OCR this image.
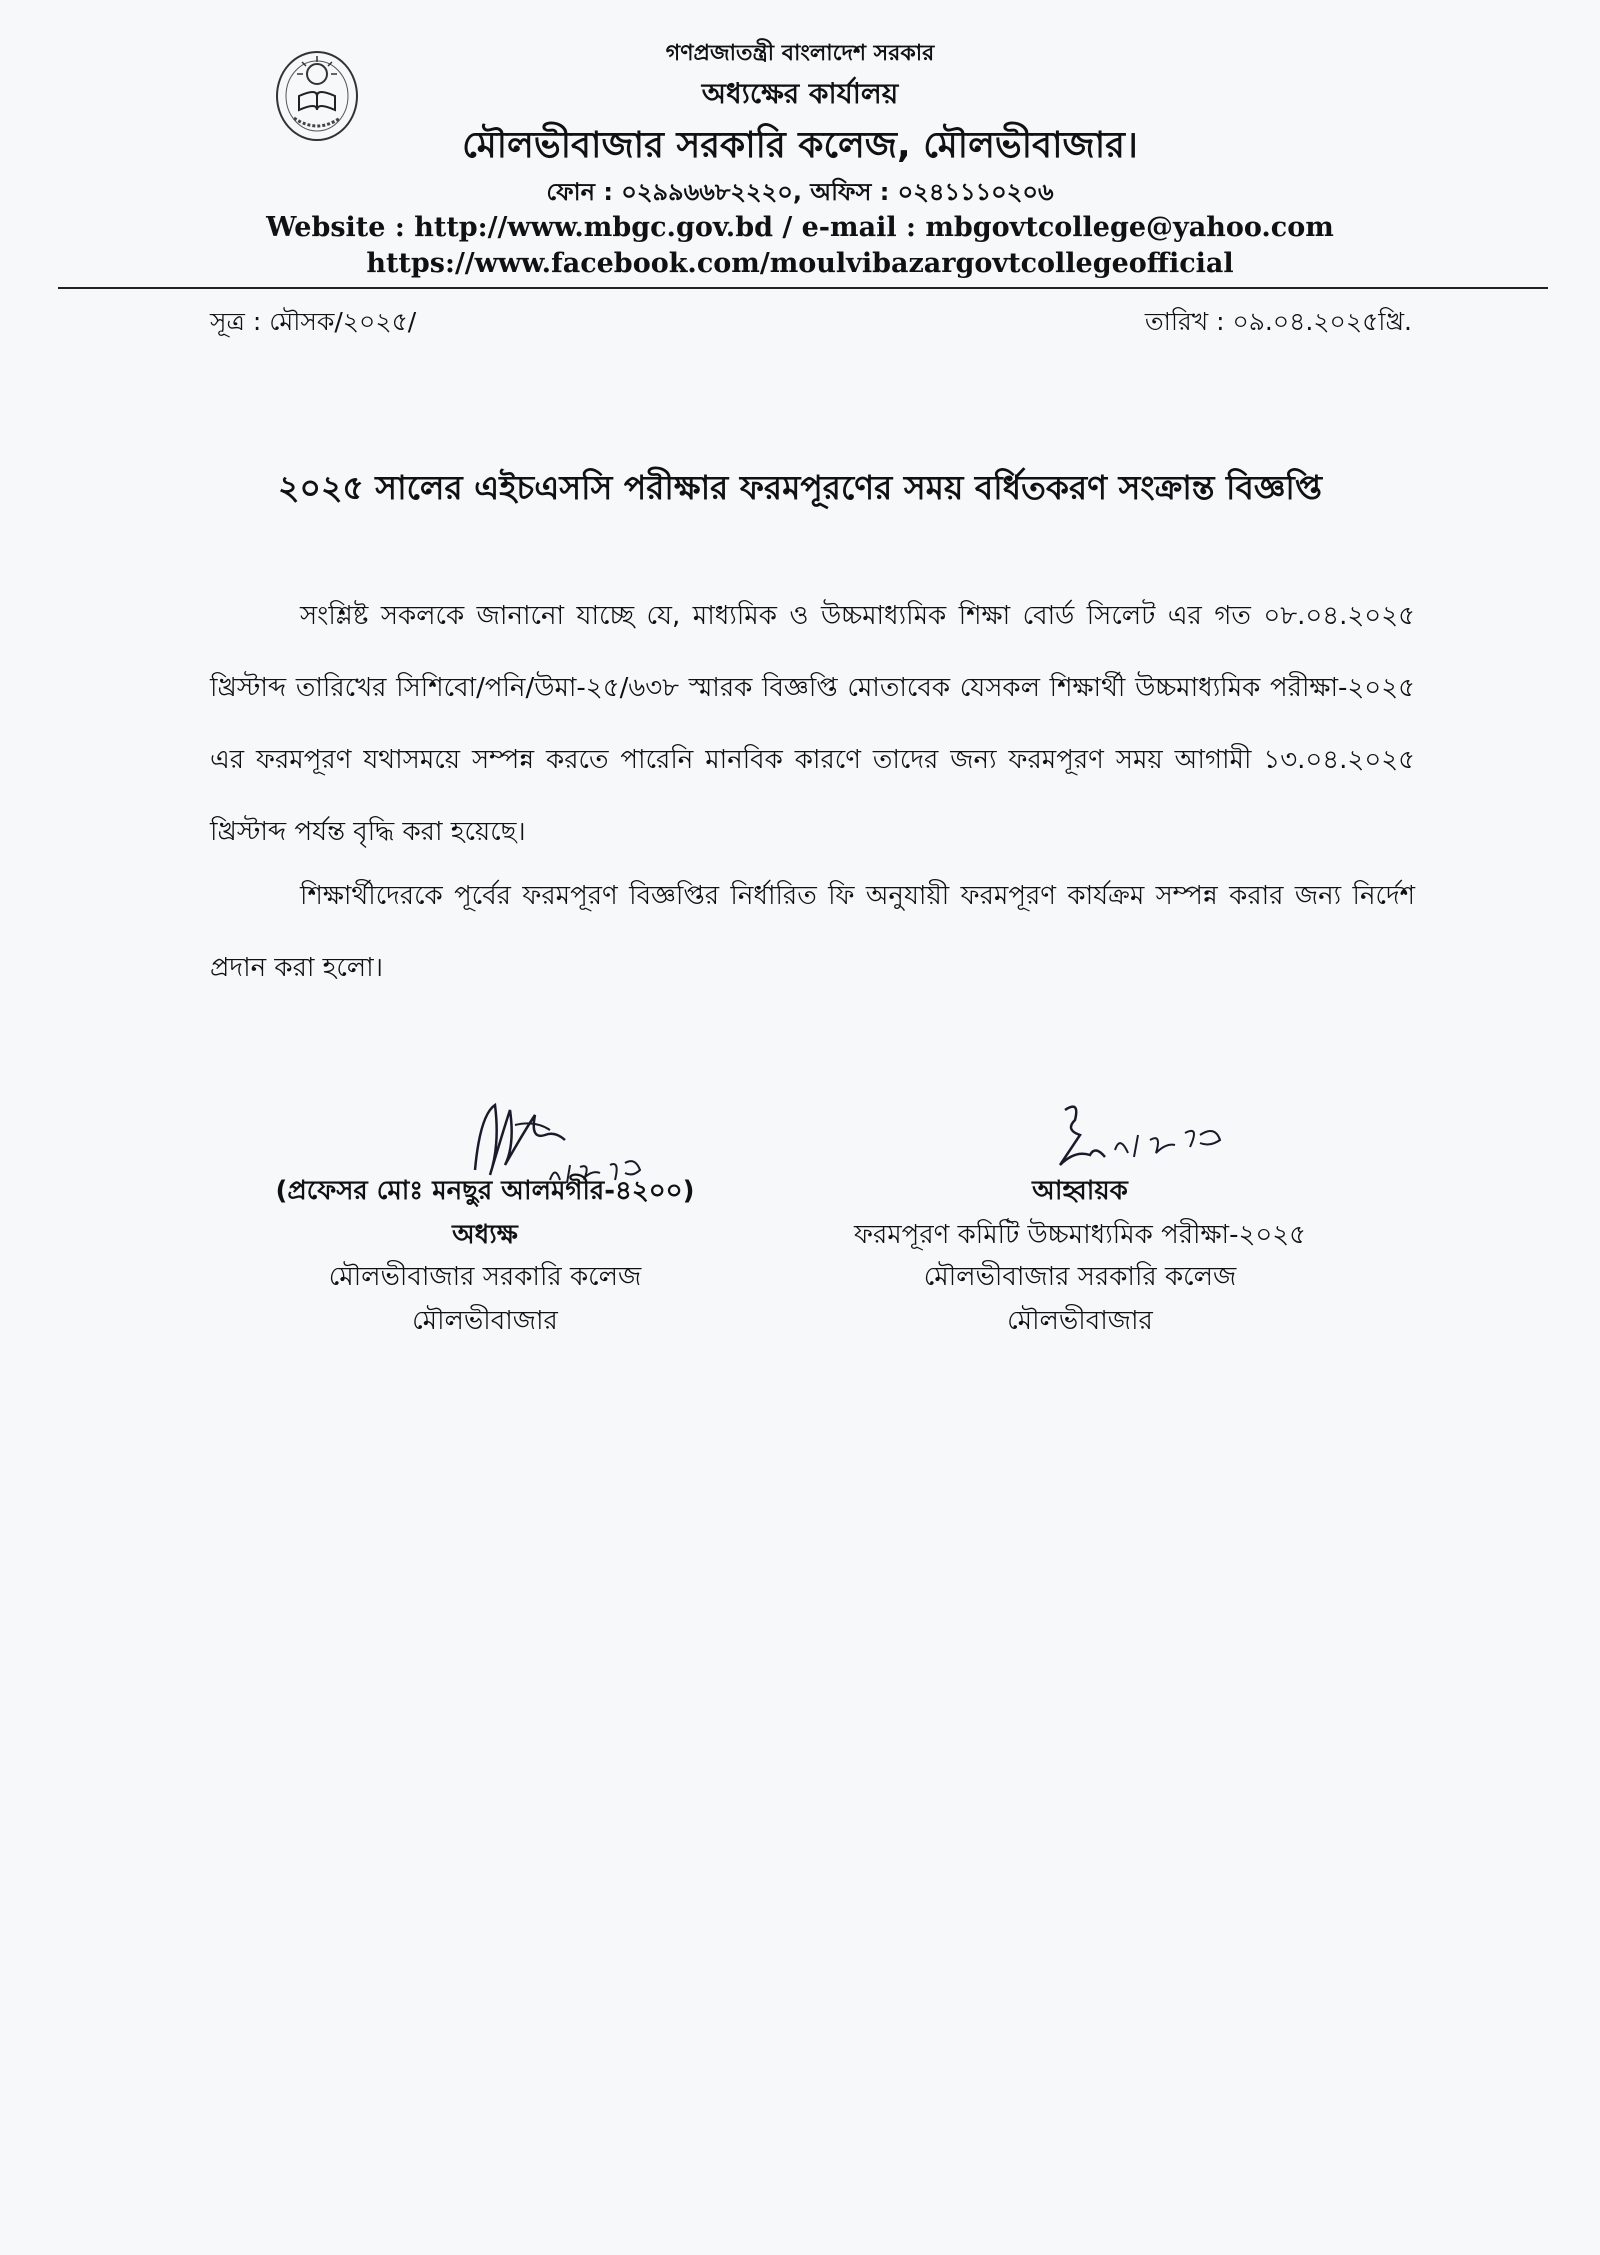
গণপ্রজাতন্ত্রী বাংলাদেশ সরকার
অধ্যক্ষের কার্যালয়
মৌলভীবাজার সরকারি কলেজ, মৌলভীবাজার।
ফোন : ০২৯৯৬৬৮২২২০, অফিস : ০২৪১১১০২০৬
Website : http://www.mbgc.gov.bd / e-mail : mbgovtcollege@yahoo.com
https://www.facebook.com/moulvibazargovtcollegeofficial
সূত্র : মৌসক/২০২৫/	তারিখ : ০৯.০৪.২০২৫খ্রি.
২০২৫ সালের এইচএসসি পরীক্ষার ফরমপূরণের সময় বর্ধিতকরণ সংক্রান্ত বিজ্ঞপ্তি
সংশ্লিষ্ট সকলকে জানানো যাচ্ছে যে, মাধ্যমিক ও উচ্চমাধ্যমিক শিক্ষা বোর্ড সিলেট এর গত ০৮.০৪.২০২৫ খ্রিস্টাব্দ তারিখের সিশিবো/পনি/উমা-২৫/৬৩৮ স্মারক বিজ্ঞপ্তি মোতাবেক যেসকল শিক্ষার্থী উচ্চমাধ্যমিক পরীক্ষা-২০২৫ এর ফরমপূরণ যথাসময়ে সম্পন্ন করতে পারেনি মানবিক কারণে তাদের জন্য ফরমপূরণ সময় আগামী ১৩.০৪.২০২৫ খ্রিস্টাব্দ পর্যন্ত বৃদ্ধি করা হয়েছে।
শিক্ষার্থীদেরকে পূর্বের ফরমপূরণ বিজ্ঞপ্তির নির্ধারিত ফি অনুযায়ী ফরমপূরণ কার্যক্রম সম্পন্ন করার জন্য নির্দেশ প্রদান করা হলো।
(প্রফেসর মোঃ মনছুর আলমগীর-৪২০০)
অধ্যক্ষ
মৌলভীবাজার সরকারি কলেজ
মৌলভীবাজার
আহ্বায়ক
ফরমপূরণ কমিটি উচ্চমাধ্যমিক পরীক্ষা-২০২৫
মৌলভীবাজার সরকারি কলেজ
মৌলভীবাজার
